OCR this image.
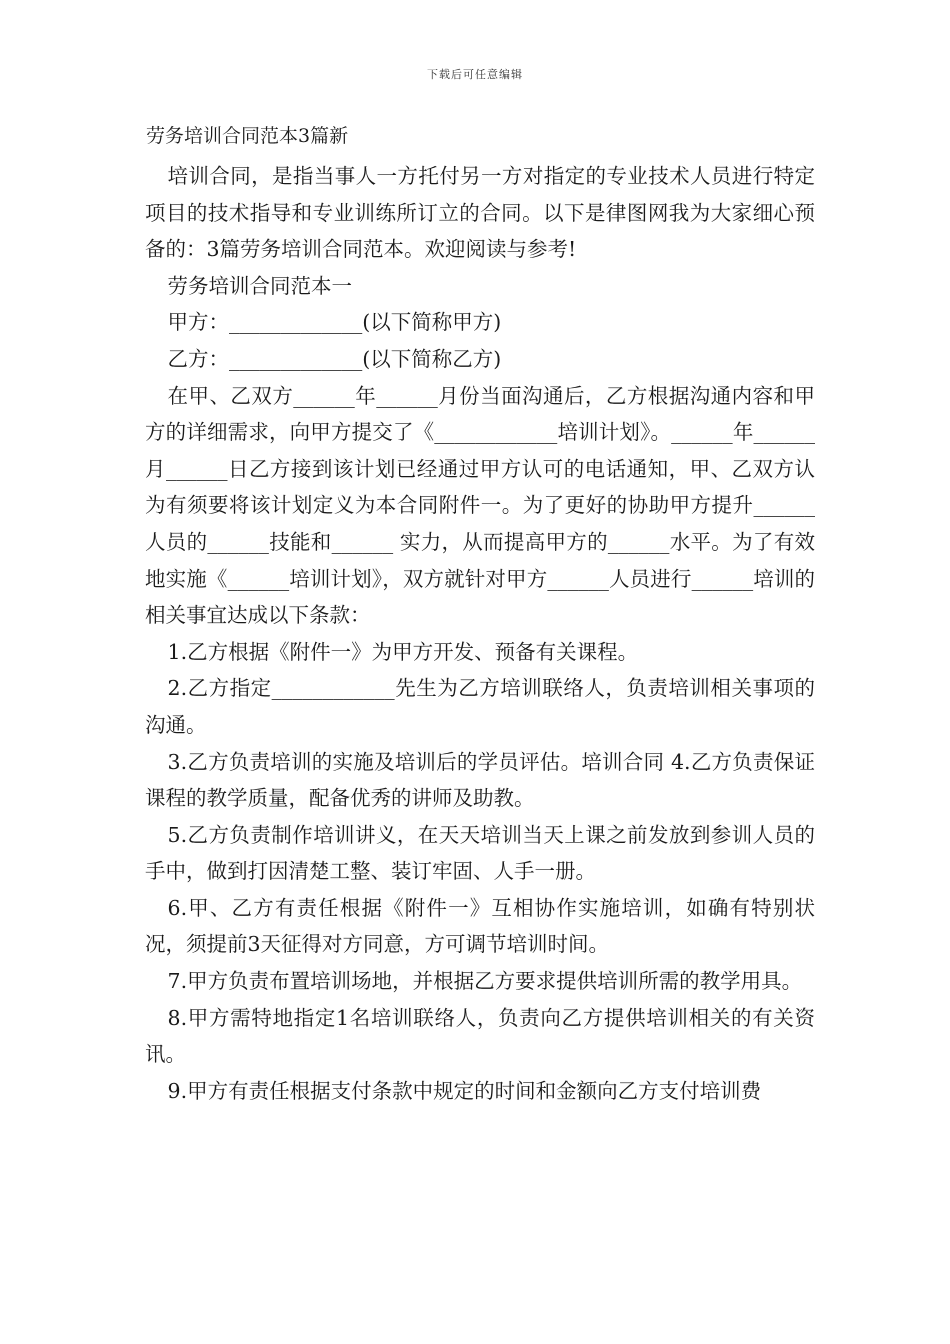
下载后可任意编辑
劳务培训合同范本3篇新

培训合同，是指当事人一方托付另一方对指定的专业技术人员进行特定项目的技术指导和专业训练所订立的合同。以下是律图网我为大家细心预备的：3篇劳务培训合同范本。欢迎阅读与参考!

劳务培训合同范本一

甲方：_____________(以下简称甲方)

乙方：_____________(以下简称乙方)

在甲、乙双方______年______月份当面沟通后，乙方根据沟通内容和甲方的详细需求，向甲方提交了《____________培训计划》。______年______月______日乙方接到该计划已经通过甲方认可的电话通知，甲、乙双方认为有须要将该计划定义为本合同附件一。为了更好的协助甲方提升______人员的______技能和______ 实力，从而提高甲方的______水平。为了有效地实施《______培训计划》，双方就针对甲方______人员进行______培训的相关事宜达成以下条款：

1.乙方根据《附件一》为甲方开发、预备有关课程。

2.乙方指定____________先生为乙方培训联络人，负责培训相关事项的沟通。

3.乙方负责培训的实施及培训后的学员评估。培训合同 4.乙方负责保证课程的教学质量，配备优秀的讲师及助教。

5.乙方负责制作培训讲义，在天天培训当天上课之前发放到参训人员的手中，做到打因清楚工整、装订牢固、人手一册。

6.甲、乙方有责任根据《附件一》互相协作实施培训，如确有特别状况，须提前3天征得对方同意，方可调节培训时间。

7.甲方负责布置培训场地，并根据乙方要求提供培训所需的教学用具。

8.甲方需特地指定1名培训联络人，负责向乙方提供培训相关的有关资讯。

9.甲方有责任根据支付条款中规定的时间和金额向乙方支付培训费
